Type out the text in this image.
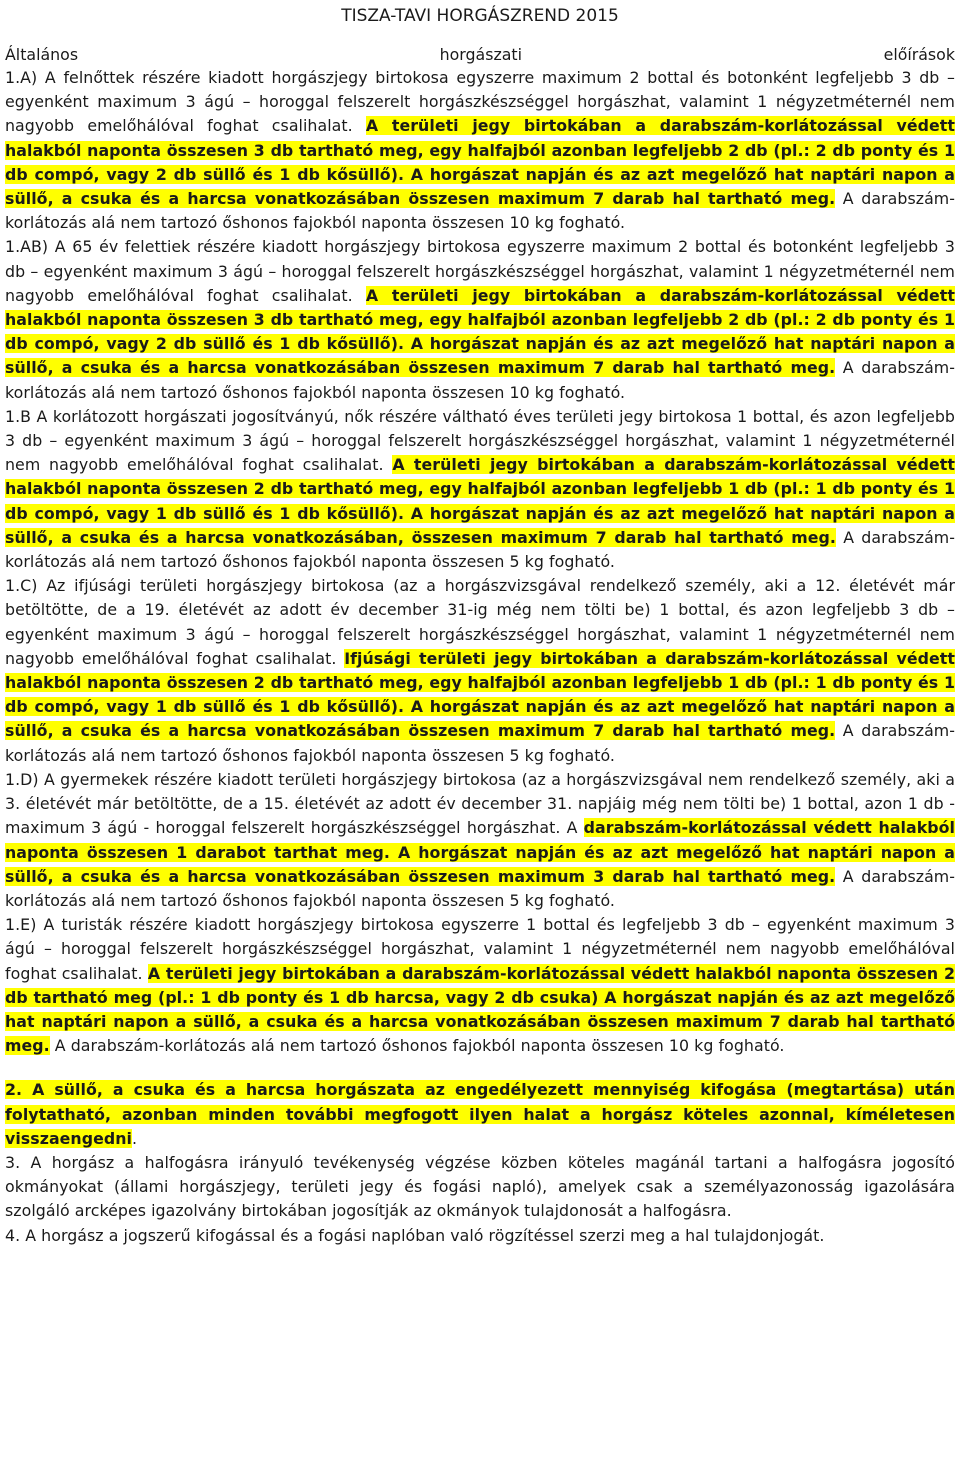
TISZA-TAVI HORGÁSZREND 2015
Általános	horgászati	előírások

1.A) A felnőttek részére kiadott horgászjegy birtokosa egyszerre maximum 2 bottal és botonként legfeljebb 3 db – egyenként maximum 3 ágú – horoggal felszerelt horgászkészséggel horgászhat, valamint 1 négyzetméternél nem nagyobb emelőhálóval foghat csalihalat. A területi jegy birtokában a darabszám-korlátozással védett halakból naponta összesen 3 db tartható meg, egy halfajból azonban legfeljebb 2 db (pl.: 2 db ponty és 1 db compó, vagy 2 db süllő és 1 db kősüllő). A horgászat napján és az azt megelőző hat naptári napon a süllő, a csuka és a harcsa vonatkozásában összesen maximum 7 darab hal tartható meg. A darabszám-korlátozás alá nem tartozó őshonos fajokból naponta összesen 10 kg fogható.

1.AB) A 65 év felettiek részére kiadott horgászjegy birtokosa egyszerre maximum 2 bottal és botonként legfeljebb 3 db – egyenként maximum 3 ágú – horoggal felszerelt horgászkészséggel horgászhat, valamint 1 négyzetméternél nem nagyobb emelőhálóval foghat csalihalat. A területi jegy birtokában a darabszám-korlátozással védett halakból naponta összesen 3 db tartható meg, egy halfajból azonban legfeljebb 2 db (pl.: 2 db ponty és 1 db compó, vagy 2 db süllő és 1 db kősüllő). A horgászat napján és az azt megelőző hat naptári napon a süllő, a csuka és a harcsa vonatkozásában összesen maximum 7 darab hal tartható meg. A darabszám-korlátozás alá nem tartozó őshonos fajokból naponta összesen 10 kg fogható.

1.B A korlátozott horgászati jogosítványú, nők részére váltható éves területi jegy birtokosa 1 bottal, és azon legfeljebb 3 db – egyenként maximum 3 ágú – horoggal felszerelt horgászkészséggel horgászhat, valamint 1 négyzetméternél nem nagyobb emelőhálóval foghat csalihalat. A területi jegy birtokában a darabszám-korlátozással védett halakból naponta összesen 2 db tartható meg, egy halfajból azonban legfeljebb 1 db (pl.: 1 db ponty és 1 db compó, vagy 1 db süllő és 1 db kősüllő). A horgászat napján és az azt megelőző hat naptári napon a süllő, a csuka és a harcsa vonatkozásában, összesen maximum 7 darab hal tartható meg. A darabszám-korlátozás alá nem tartozó őshonos fajokból naponta összesen 5 kg fogható.

1.C) Az ifjúsági területi horgászjegy birtokosa (az a horgászvizsgával rendelkező személy, aki a 12. életévét már betöltötte, de a 19. életévét az adott év december 31-ig még nem tölti be) 1 bottal, és azon legfeljebb 3 db – egyenként maximum 3 ágú – horoggal felszerelt horgászkészséggel horgászhat, valamint 1 négyzetméternél nem nagyobb emelőhálóval foghat csalihalat. Ifjúsági területi jegy birtokában a darabszám-korlátozással védett halakból naponta összesen 2 db tartható meg, egy halfajból azonban legfeljebb 1 db (pl.: 1 db ponty és 1 db compó, vagy 1 db süllő és 1 db kősüllő). A horgászat napján és az azt megelőző hat naptári napon a süllő, a csuka és a harcsa vonatkozásában összesen maximum 7 darab hal tartható meg. A darabszám-korlátozás alá nem tartozó őshonos fajokból naponta összesen 5 kg fogható.

1.D) A gyermekek részére kiadott területi horgászjegy birtokosa (az a horgászvizsgával nem rendelkező személy, aki a 3. életévét már betöltötte, de a 15. életévét az adott év december 31. napjáig még nem tölti be) 1 bottal, azon 1 db - maximum 3 ágú - horoggal felszerelt horgászkészséggel horgászhat. A darabszám-korlátozással védett halakból naponta összesen 1 darabot tarthat meg. A horgászat napján és az azt megelőző hat naptári napon a süllő, a csuka és a harcsa vonatkozásában összesen maximum 3 darab hal tartható meg. A darabszám-korlátozás alá nem tartozó őshonos fajokból naponta összesen 5 kg fogható.

1.E) A turisták részére kiadott horgászjegy birtokosa egyszerre 1 bottal és legfeljebb 3 db – egyenként maximum 3 ágú – horoggal felszerelt horgászkészséggel horgászhat, valamint 1 négyzetméternél nem nagyobb emelőhálóval foghat csalihalat. A területi jegy birtokában a darabszám-korlátozással védett halakból naponta összesen 2 db tartható meg (pl.: 1 db ponty és 1 db harcsa, vagy 2 db csuka) A horgászat napján és az azt megelőző hat naptári napon a süllő, a csuka és a harcsa vonatkozásában összesen maximum 7 darab hal tartható meg. A darabszám-korlátozás alá nem tartozó őshonos fajokból naponta összesen 10 kg fogható.

2. A süllő, a csuka és a harcsa horgászata az engedélyezett mennyiség kifogása (megtartása) után folytatható, azonban minden további megfogott ilyen halat a horgász köteles azonnal, kíméletesen visszaengedni.

3. A horgász a halfogásra irányuló tevékenység végzése közben köteles magánál tartani a halfogásra jogosító okmányokat (állami horgászjegy, területi jegy és fogási napló), amelyek csak a személyazonosság igazolására szolgáló arcképes igazolvány birtokában jogosítják az okmányok tulajdonosát a halfogásra.

4. A horgász a jogszerű kifogással és a fogási naplóban való rögzítéssel szerzi meg a hal tulajdonjogát.
